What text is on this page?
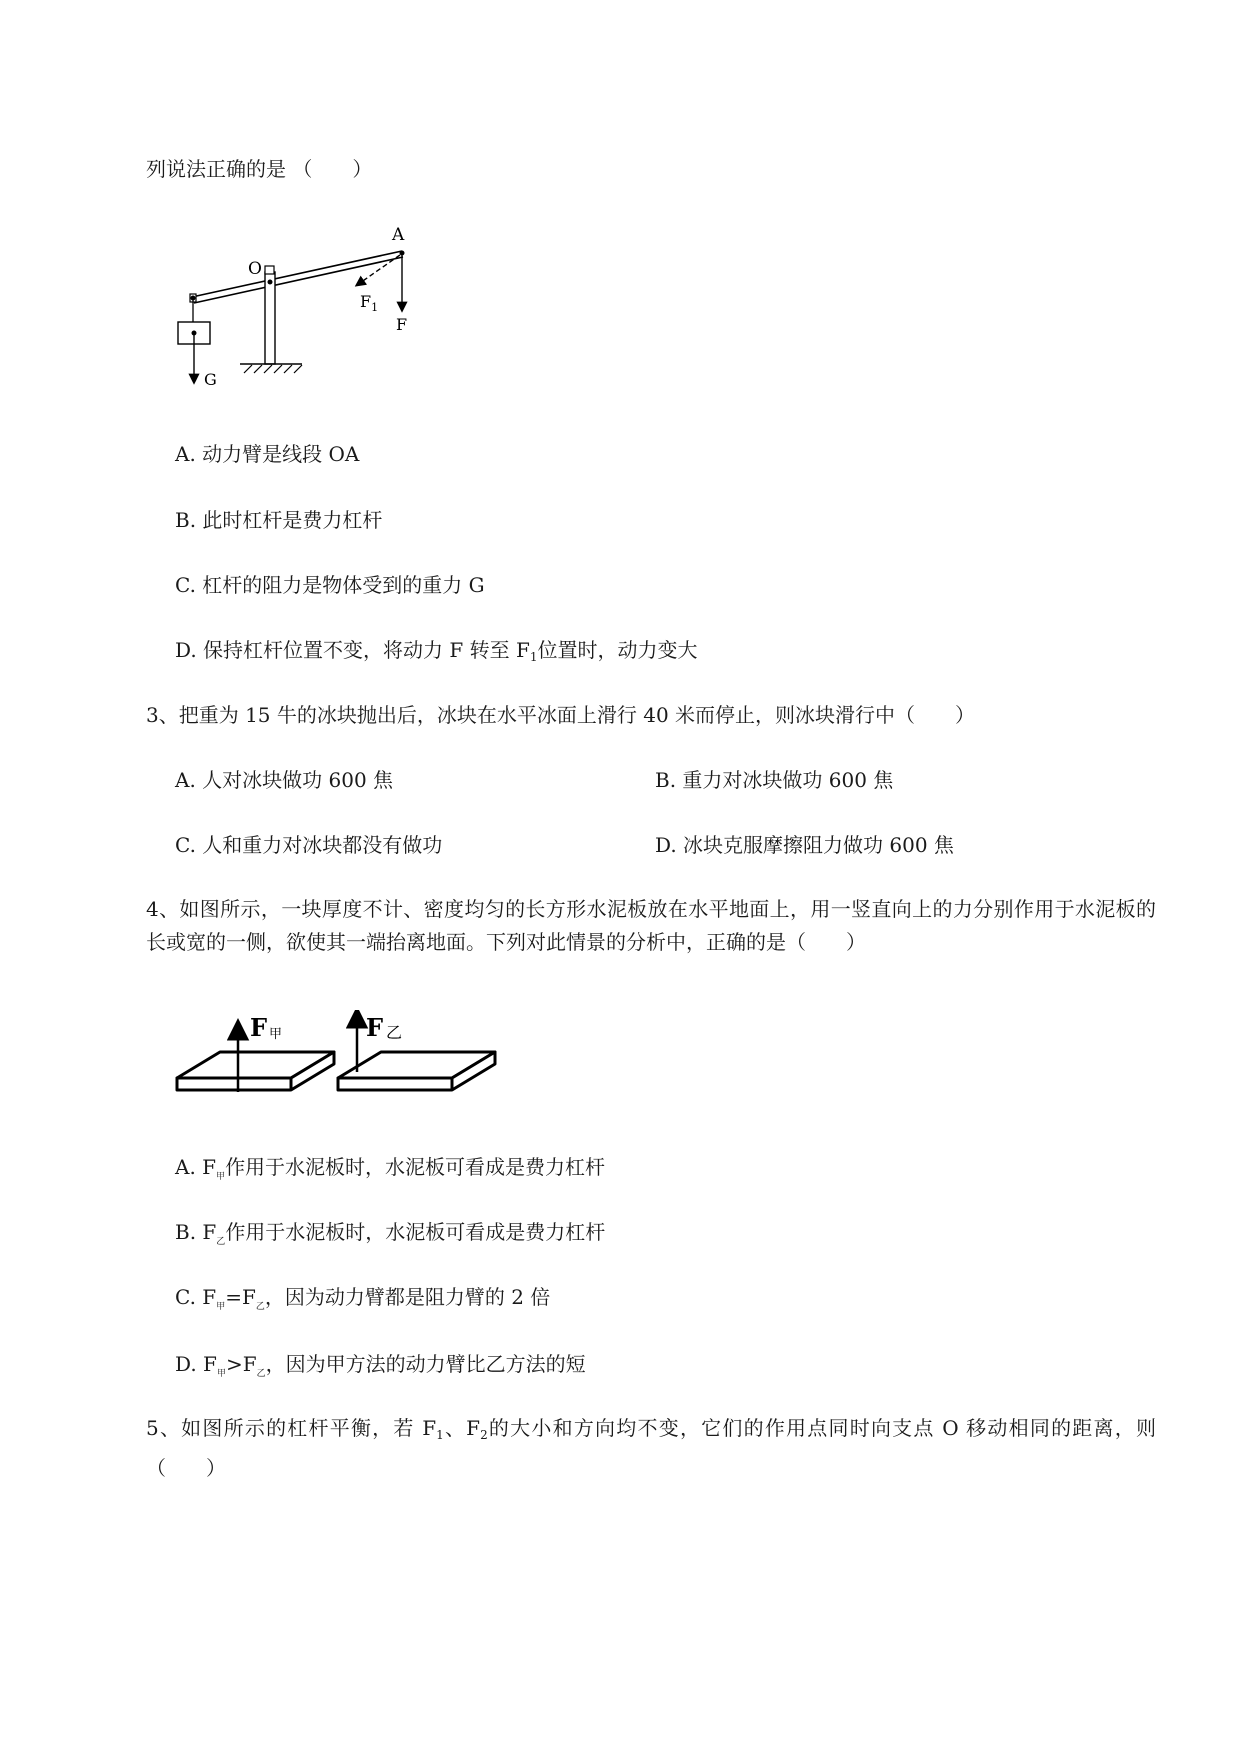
列说法正确的是 （　　）
A
O
$F_1$
F
G
A. 动力臂是线段 OA
B. 此时杠杆是费力杠杆
C. 杠杆的阻力是物体受到的重力 G
D. 保持杠杆位置不变，将动力 F 转至 $F_1$位置时，动力变大
3、把重为 15 牛的冰块抛出后，冰块在水平冰面上滑行 40 米而停止，则冰块滑行中（　　）
A. 人对冰块做功 600 焦	B. 重力对冰块做功 600 焦
C. 人和重力对冰块都没有做功	D. 冰块克服摩擦阻力做功 600 焦
4、如图所示，一块厚度不计、密度均匀的长方形水泥板放在水平地面上，用一竖直向上的力分别作用于水泥板的长或宽的一侧，欲使其一端抬离地面。下列对此情景的分析中，正确的是（　　）
F 甲	F 乙
A. $F_甲$作用于水泥板时，水泥板可看成是费力杠杆
B. $F_乙$作用于水泥板时，水泥板可看成是费力杠杆
C. $F_甲=F_乙$，因为动力臂都是阻力臂的 2 倍
D. $F_甲>F_乙$，因为甲方法的动力臂比乙方法的短
5、如图所示的杠杆平衡，若 $F_1$、$F_2$的大小和方向均不变，它们的作用点同时向支点 O 移动相同的距离，则（　　）
